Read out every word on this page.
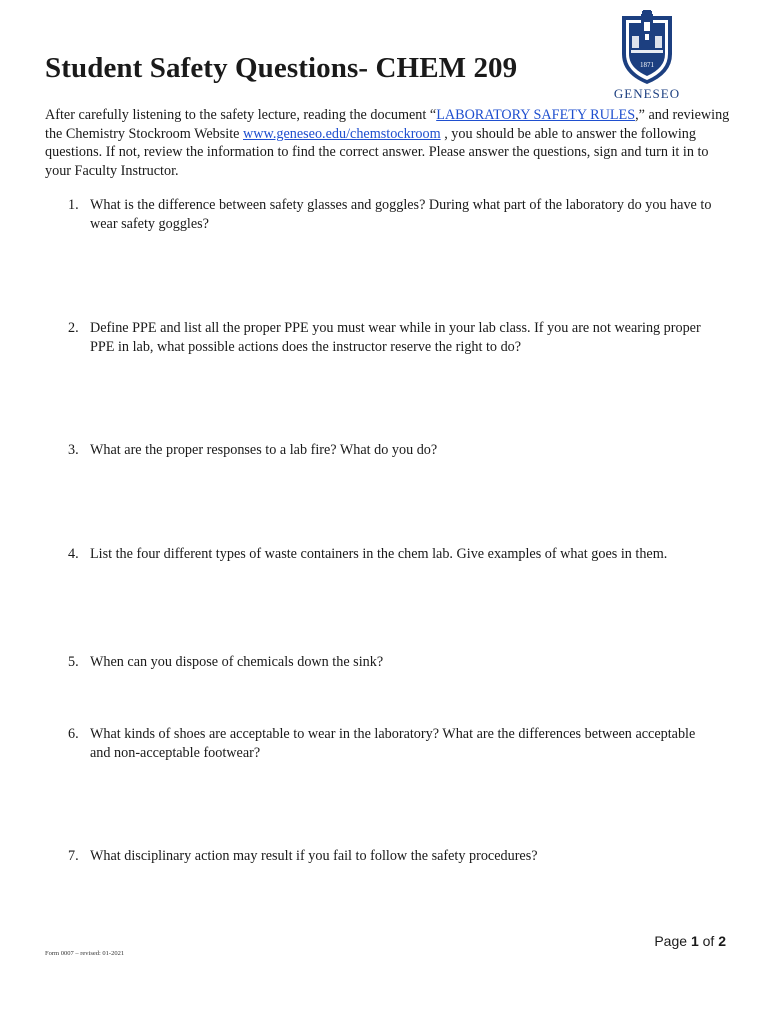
Student Safety Questions- CHEM 209	1871
GENESEO

After carefully listening to the safety lecture, reading the document “LABORATORY SAFETY RULES,” and reviewing the Chemistry Stockroom Website www.geneseo.edu/chemstockroom , you should be able to answer the following questions. If not, review the information to find the correct answer. Please answer the questions, sign and turn it in to your Faculty Instructor.

1. What is the difference between safety glasses and goggles? During what part of the laboratory do you have to wear safety goggles?
2. Define PPE and list all the proper PPE you must wear while in your lab class. If you are not wearing proper PPE in lab, what possible actions does the instructor reserve the right to do?
3. What are the proper responses to a lab fire? What do you do?
4. List the four different types of waste containers in the chem lab. Give examples of what goes in them.
5. When can you dispose of chemicals down the sink?
6. What kinds of shoes are acceptable to wear in the laboratory? What are the differences between acceptable and non-acceptable footwear?
7. What disciplinary action may result if you fail to follow the safety procedures?
Page 1 of 2
Form 0007 – revised: 01-2021
